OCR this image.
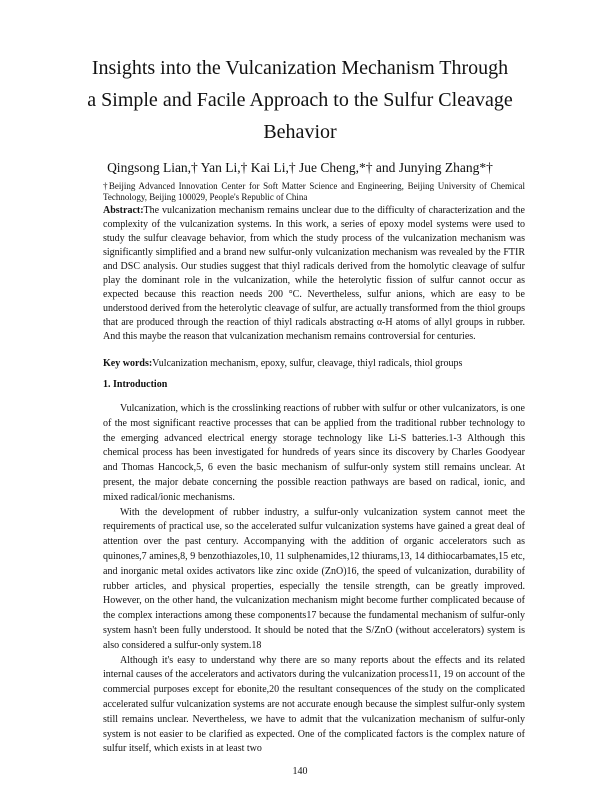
Insights into the Vulcanization Mechanism Through
a Simple and Facile Approach to the Sulfur Cleavage
Behavior
Qingsong Lian,† Yan Li,† Kai Li,† Jue Cheng,*† and Junying Zhang*†
†Beijing Advanced Innovation Center for Soft Matter Science and Engineering, Beijing University of Chemical Technology, Beijing 100029, People's Republic of China
Abstract:The vulcanization mechanism remains unclear due to the difficulty of characterization and the complexity of the vulcanization systems. In this work, a series of epoxy model systems were used to study the sulfur cleavage behavior, from which the study process of the vulcanization mechanism was significantly simplified and a brand new sulfur-only vulcanization mechanism was revealed by the FTIR and DSC analysis. Our studies suggest that thiyl radicals derived from the homolytic cleavage of sulfur play the dominant role in the vulcanization, while the heterolytic fission of sulfur cannot occur as expected because this reaction needs 200 °C. Nevertheless, sulfur anions, which are easy to be understood derived from the heterolytic cleavage of sulfur, are actually transformed from the thiol groups that are produced through the reaction of thiyl radicals abstracting α-H atoms of allyl groups in rubber. And this maybe the reason that vulcanization mechanism remains controversial for centuries.
Key words:Vulcanization mechanism, epoxy, sulfur, cleavage, thiyl radicals, thiol groups
1. Introduction

Vulcanization, which is the crosslinking reactions of rubber with sulfur or other vulcanizators, is one of the most significant reactive processes that can be applied from the traditional rubber technology to the emerging advanced electrical energy storage technology like Li-S batteries.1-3 Although this chemical process has been investigated for hundreds of years since its discovery by Charles Goodyear and Thomas Hancock,5, 6 even the basic mechanism of sulfur-only system still remains unclear. At present, the major debate concerning the possible reaction pathways are based on radical, ionic, and mixed radical/ionic mechanisms.

With the development of rubber industry, a sulfur-only vulcanization system cannot meet the requirements of practical use, so the accelerated sulfur vulcanization systems have gained a great deal of attention over the past century. Accompanying with the addition of organic accelerators such as quinones,7 amines,8, 9 benzothiazoles,10, 11 sulphenamides,12 thiurams,13, 14 dithiocarbamates,15 etc, and inorganic metal oxides activators like zinc oxide (ZnO)16, the speed of vulcanization, durability of rubber articles, and physical properties, especially the tensile strength, can be greatly improved. However, on the other hand, the vulcanization mechanism might become further complicated because of the complex interactions among these components17 because the fundamental mechanism of sulfur-only system hasn't been fully understood. It should be noted that the S/ZnO (without accelerators) system is also considered a sulfur-only system.18

Although it's easy to understand why there are so many reports about the effects and its related internal causes of the accelerators and activators during the vulcanization process11, 19 on account of the commercial purposes except for ebonite,20 the resultant consequences of the study on the complicated accelerated sulfur vulcanization systems are not accurate enough because the simplest sulfur-only system still remains unclear. Nevertheless, we have to admit that the vulcanization mechanism of sulfur-only system is not easier to be clarified as expected. One of the complicated factors is the complex nature of sulfur itself, which exists in at least two

140
